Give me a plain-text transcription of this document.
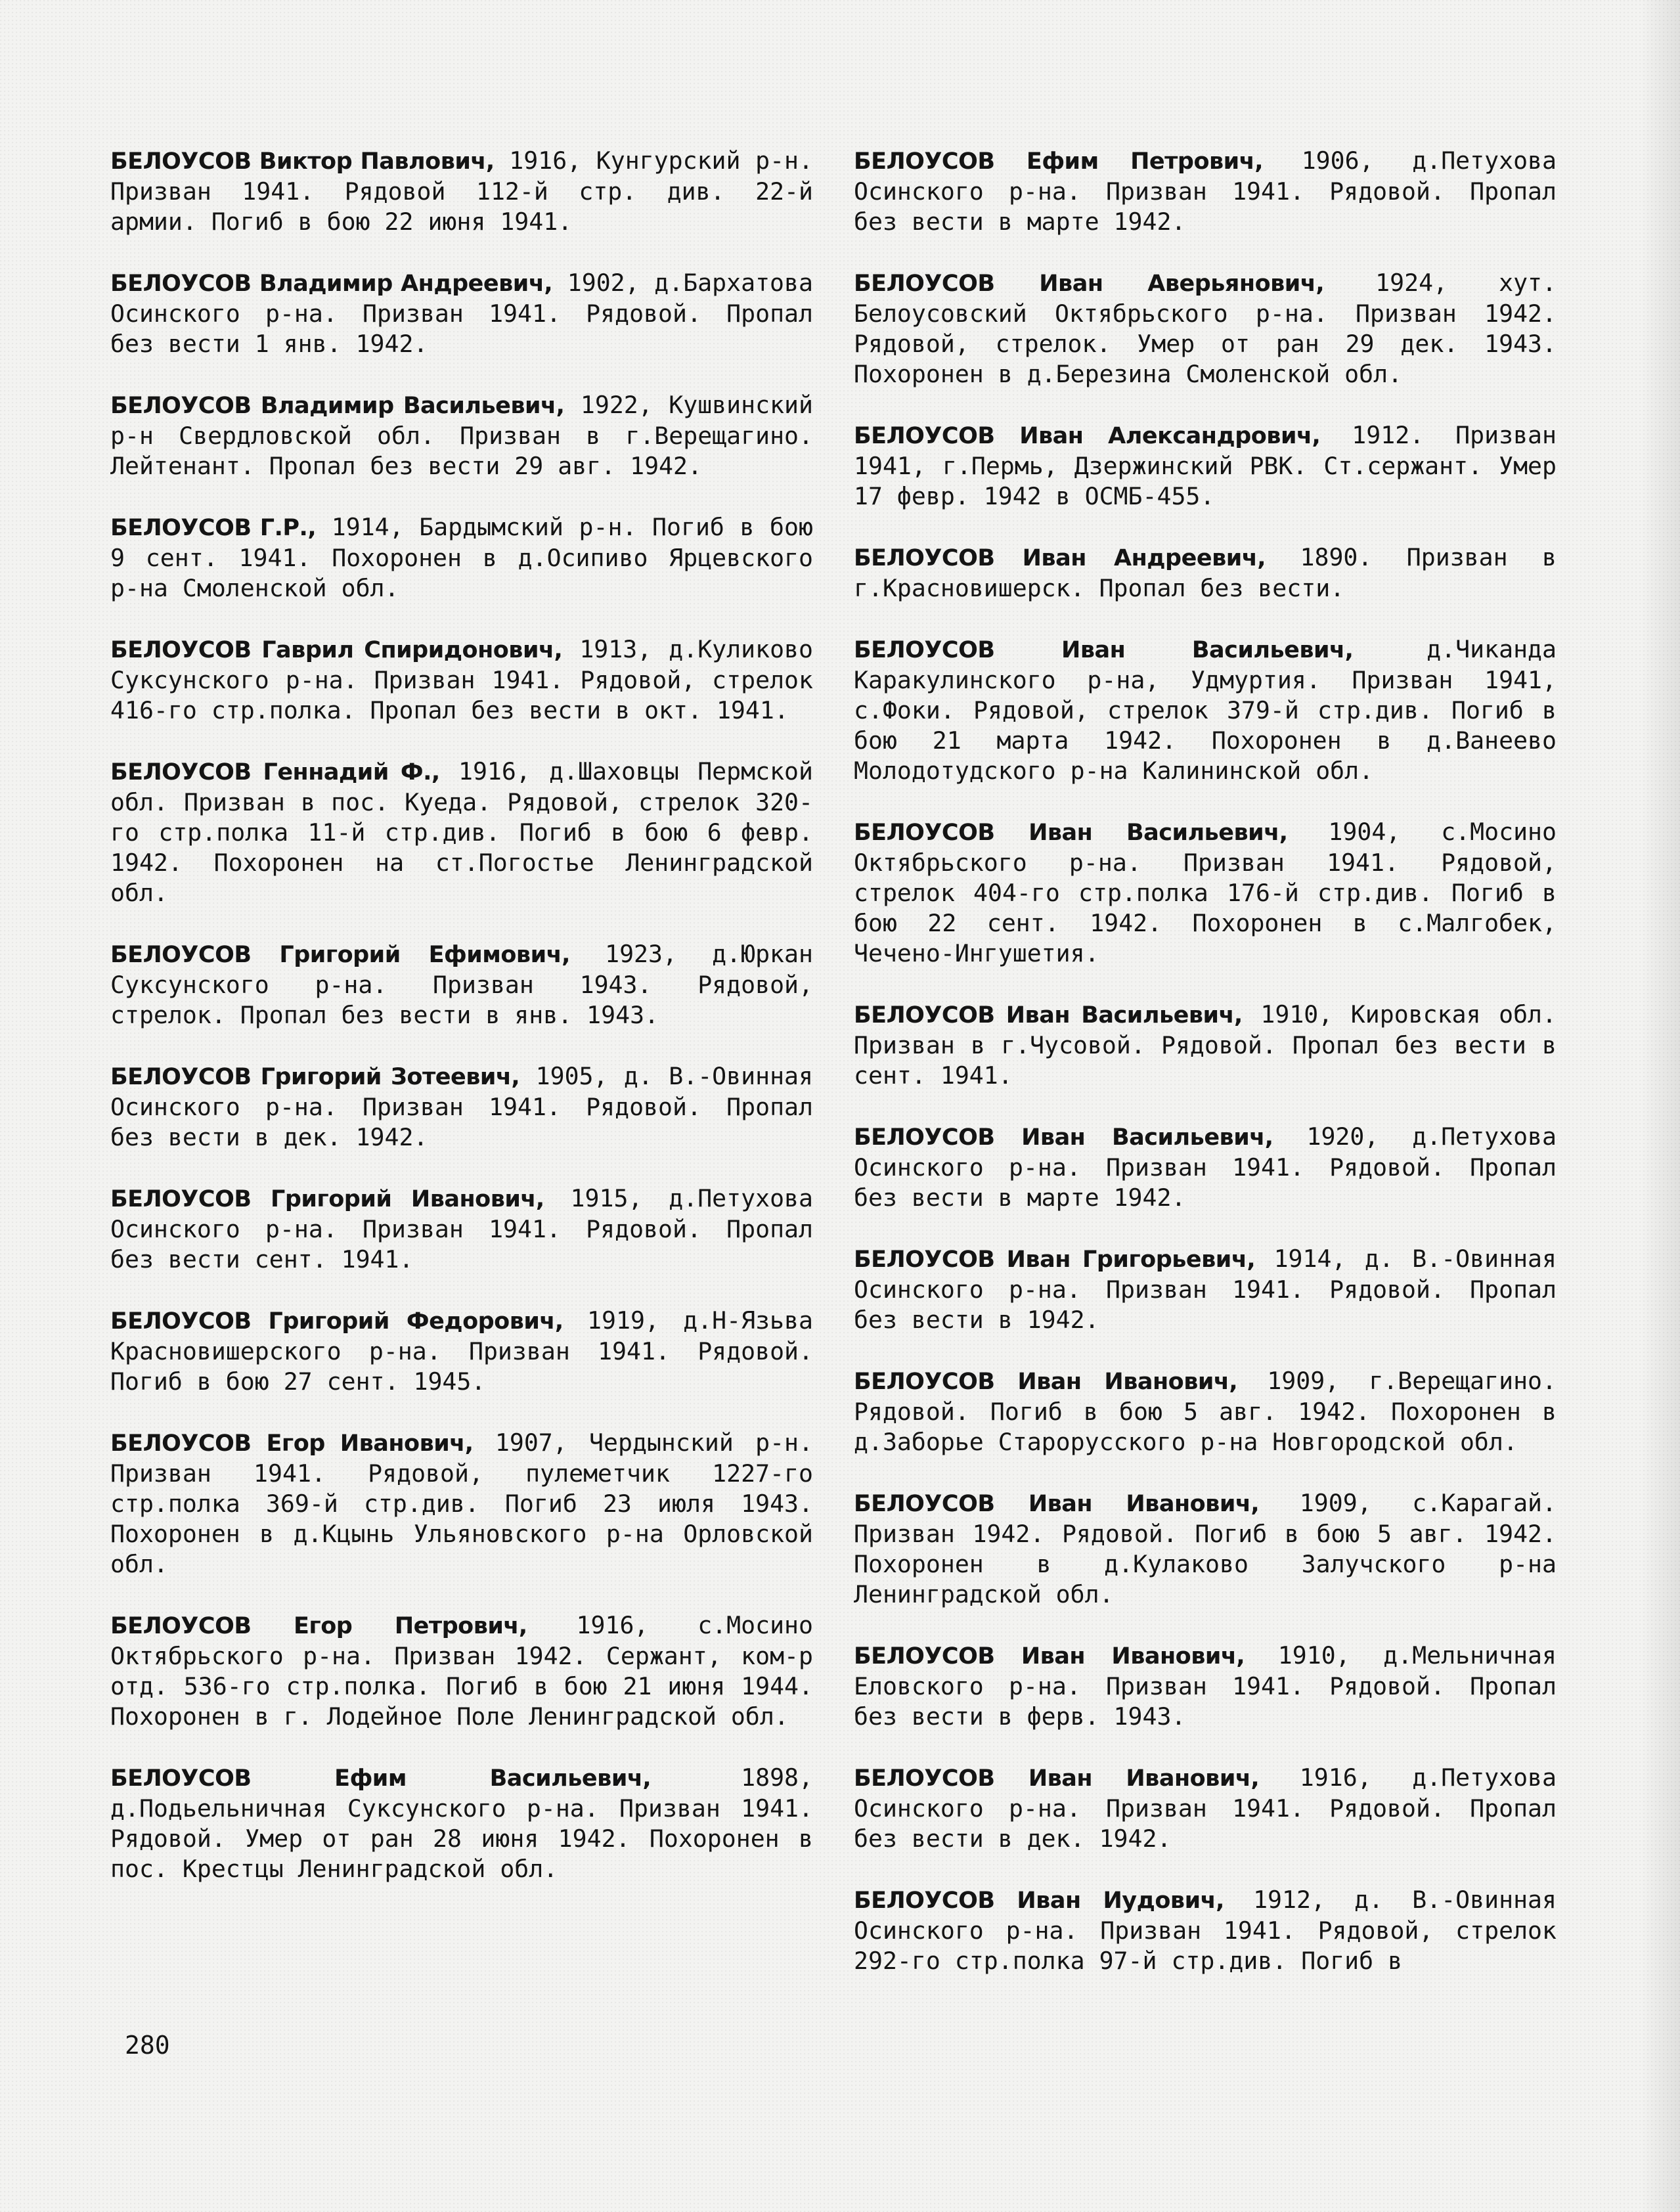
БЕЛОУСОВ Виктор Павлович, 1916, Кунгурский р-н. Призван 1941. Рядовой 112-й стр. див. 22-й армии. Погиб в бою 22 июня 1941.

БЕЛОУСОВ Владимир Андреевич, 1902, д.Бархатова Осинского р-на. Призван 1941. Рядовой. Пропал без вести 1 янв. 1942.

БЕЛОУСОВ Владимир Васильевич, 1922, Кушвинский р-н Свердловской обл. Призван в г.Верещагино. Лейтенант. Пропал без вести 29 авг. 1942.

БЕЛОУСОВ Г.Р., 1914, Бардымский р-н. Погиб в бою 9 сент. 1941. Похоронен в д.Осипиво Ярцевского р-на Смоленской обл.

БЕЛОУСОВ Гаврил Спиридонович, 1913, д.Куликово Суксунского р-на. Призван 1941. Рядовой, стрелок 416-го стр.полка. Пропал без вести в окт. 1941.

БЕЛОУСОВ Геннадий Ф., 1916, д.Шаховцы Пермской обл. Призван в пос. Куеда. Рядовой, стрелок 320-го стр.полка 11-й стр.див. Погиб в бою 6 февр. 1942. Похоронен на ст.Погостье Ленинградской обл.

БЕЛОУСОВ Григорий Ефимович, 1923, д.Юркан Суксунского р-на. Призван 1943. Рядовой, стрелок. Пропал без вести в янв. 1943.

БЕЛОУСОВ Григорий Зотеевич, 1905, д. В.-Овинная Осинского р-на. Призван 1941. Рядовой. Пропал без вести в дек. 1942.

БЕЛОУСОВ Григорий Иванович, 1915, д.Петухова Осинского р-на. Призван 1941. Рядовой. Пропал без вести сент. 1941.

БЕЛОУСОВ Григорий Федорович, 1919, д.Н-Язьва Красновишерского р-на. Призван 1941. Рядовой. Погиб в бою 27 сент. 1945.

БЕЛОУСОВ Егор Иванович, 1907, Чердынский р-н. Призван 1941. Рядовой, пулеметчик 1227-го стр.полка 369-й стр.див. Погиб 23 июля 1943. Похоронен в д.Кцынь Ульяновского р-на Орловской обл.

БЕЛОУСОВ Егор Петрович, 1916, с.Мосино Октябрьского р-на. Призван 1942. Сержант, ком-р отд. 536-го стр.полка. Погиб в бою 21 июня 1944. Похоронен в г. Лодейное Поле Ленинградской обл.

БЕЛОУСОВ Ефим Васильевич, 1898, д.Подьельничная Суксунского р-на. Призван 1941. Рядовой. Умер от ран 28 июня 1942. Похоронен в пос. Крестцы Ленинградской обл.

БЕЛОУСОВ Ефим Петрович, 1906, д.Петухова Осинского р-на. Призван 1941. Рядовой. Пропал без вести в марте 1942.

БЕЛОУСОВ Иван Аверьянович, 1924, хут. Белоусовский Октябрьского р-на. Призван 1942. Рядовой, стрелок. Умер от ран 29 дек. 1943. Похоронен в д.Березина Смоленской обл.

БЕЛОУСОВ Иван Александрович, 1912. Призван 1941, г.Пермь, Дзержинский РВК. Ст.сержант. Умер 17 февр. 1942 в ОСМБ-455.

БЕЛОУСОВ Иван Андреевич, 1890. Призван в г.Красновишерск. Пропал без вести.

БЕЛОУСОВ Иван Васильевич, д.Чиканда Каракулинского р-на, Удмуртия. Призван 1941, с.Фоки. Рядовой, стрелок 379-й стр.див. Погиб в бою 21 марта 1942. Похоронен в д.Ванеево Молодотудского р-на Калининской обл.

БЕЛОУСОВ Иван Васильевич, 1904, с.Мосино Октябрьского р-на. Призван 1941. Рядовой, стрелок 404-го стр.полка 176-й стр.див. Погиб в бою 22 сент. 1942. Похоронен в с.Малгобек, Чечено-Ингушетия.

БЕЛОУСОВ Иван Васильевич, 1910, Кировская обл. Призван в г.Чусовой. Рядовой. Пропал без вести в сент. 1941.

БЕЛОУСОВ Иван Васильевич, 1920, д.Петухова Осинского р-на. Призван 1941. Рядовой. Пропал без вести в марте 1942.

БЕЛОУСОВ Иван Григорьевич, 1914, д. В.-Овинная Осинского р-на. Призван 1941. Рядовой. Пропал без вести в 1942.

БЕЛОУСОВ Иван Иванович, 1909, г.Верещагино. Рядовой. Погиб в бою 5 авг. 1942. Похоронен в д.Заборье Старорусского р-на Новгородской обл.

БЕЛОУСОВ Иван Иванович, 1909, с.Карагай. Призван 1942. Рядовой. Погиб в бою 5 авг. 1942. Похоронен в д.Кулаково Залучского р-на Ленинградской обл.

БЕЛОУСОВ Иван Иванович, 1910, д.Мельничная Еловского р-на. Призван 1941. Рядовой. Пропал без вести в ферв. 1943.

БЕЛОУСОВ Иван Иванович, 1916, д.Петухова Осинского р-на. Призван 1941. Рядовой. Пропал без вести в дек. 1942.

БЕЛОУСОВ Иван Иудович, 1912, д. В.-Овинная Осинского р-на. Призван 1941. Рядовой, стрелок 292-го стр.полка 97-й стр.див. Погиб в

280
